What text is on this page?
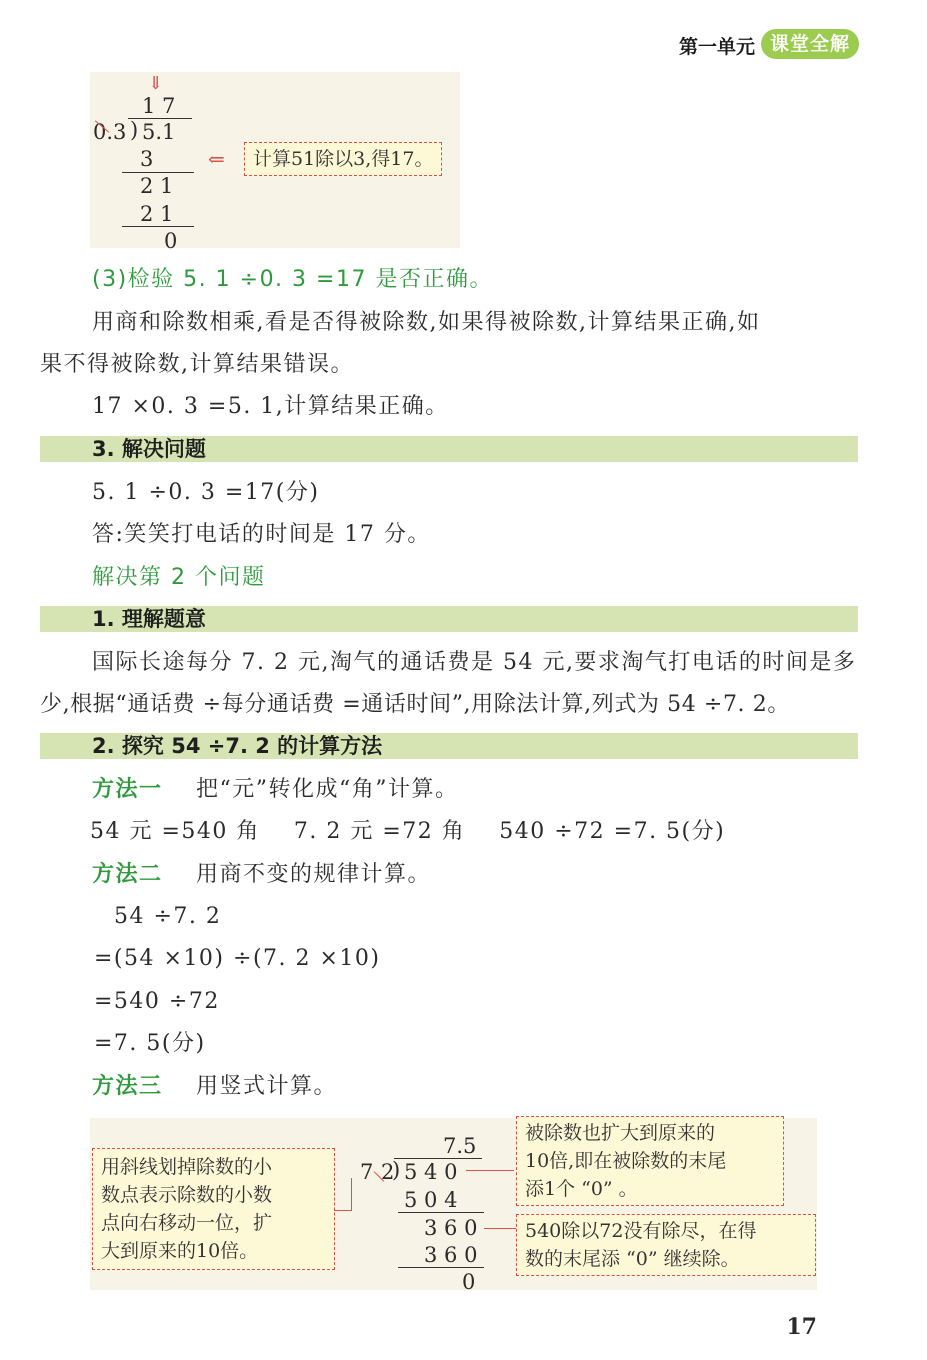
第一单元 课堂全解
⇓
1 7
0.3 ) 5.1
3
2 1
2 1
0
⇐	计算51除以3,得17。
(3)检验 5. 1 ÷0. 3 =17 是否正确。
用商和除数相乘,看是否得被除数,如果得被除数,计算结果正确,如
果不得被除数,计算结果错误。
17 ×0. 3 =5. 1,计算结果正确。
3. 解决问题
5. 1 ÷0. 3 =17(分)
答:笑笑打电话的时间是 17 分。
解决第 2 个问题
1. 理解题意
国际长途每分 7. 2 元,淘气的通话费是 54 元,要求淘气打电话的时间是多
少,根据“通话费 ÷每分通话费 =通话时间”,用除法计算,列式为 54 ÷7. 2。
2. 探究 54 ÷7. 2 的计算方法
方法一 把“元”转化成“角”计算。
54 元 =540 角    7. 2 元 =72 角    540 ÷72 =7. 5(分)
方法二 用商不变的规律计算。
54 ÷7. 2
=(54 ×10) ÷(7. 2 ×10)
=540 ÷72
=7. 5(分)
方法三 用竖式计算。
用斜线划掉除数的小
数点表示除数的小数
点向右移动一位，扩
大到原来的10倍。
7.5
7 2
) 5 4 0
5 0 4
3 6 0
3 6 0
0
被除数也扩大到原来的
10倍,即在被除数的末尾
添1个 “0” 。
540除以72没有除尽，在得
数的末尾添 “0” 继续除。
17
